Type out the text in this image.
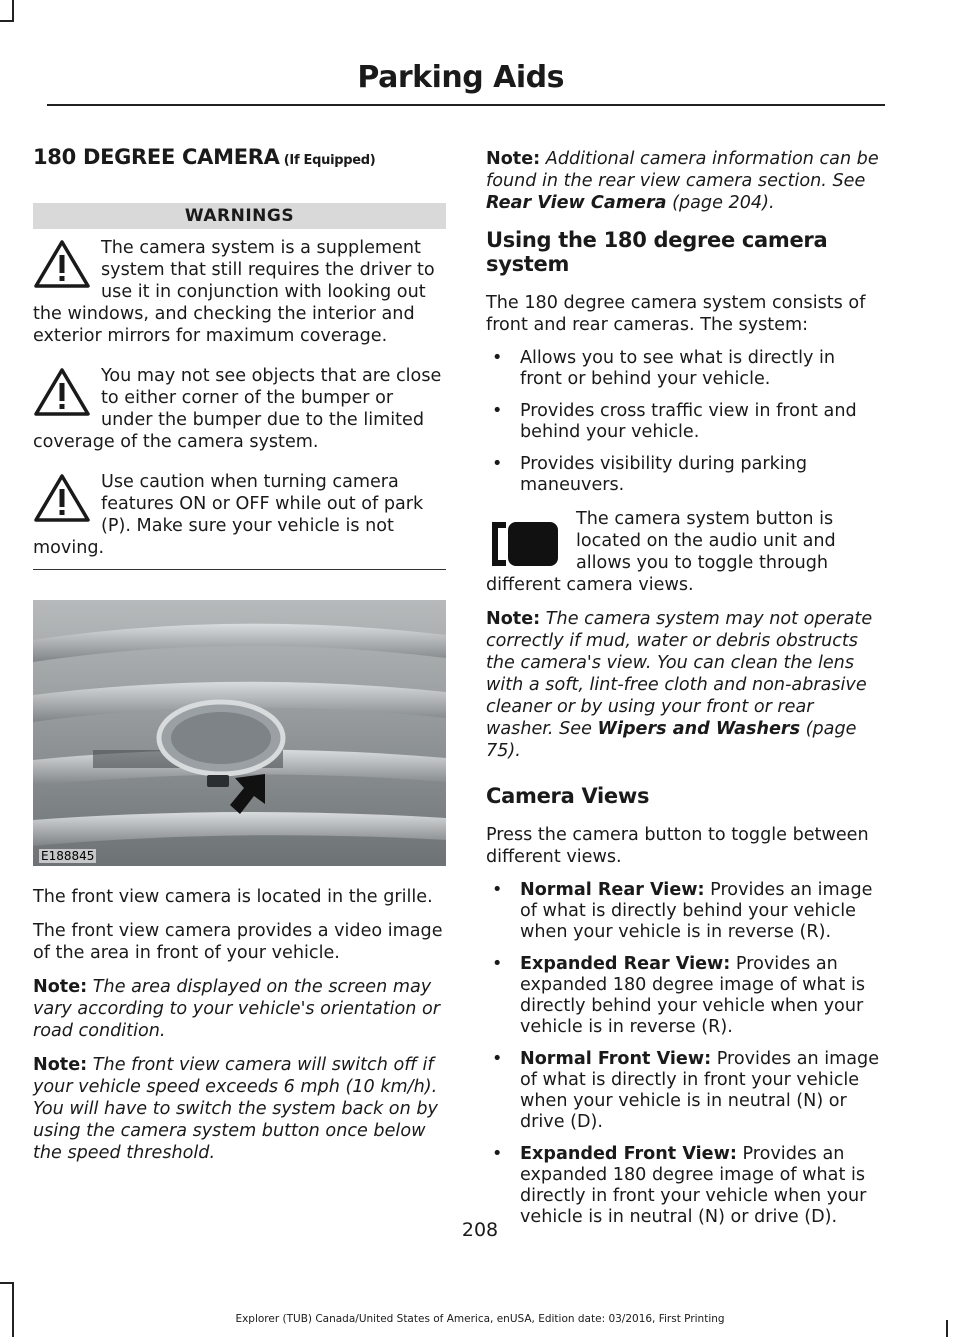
Parking Aids
180 DEGREE CAMERA (If Equipped)
WARNINGS

The camera system is a supplement system that still requires the driver to use it in conjunction with looking out the windows, and checking the interior and exterior mirrors for maximum coverage.

You may not see objects that are close to either corner of the bumper or under the bumper due to the limited coverage of the camera system.

Use caution when turning camera features ON or OFF while out of park (P). Make sure your vehicle is not moving.

E188845

The front view camera is located in the grille.

The front view camera provides a video image of the area in front of your vehicle.

Note: The area displayed on the screen may vary according to your vehicle's orientation or road condition.

Note: The front view camera will switch off if your vehicle speed exceeds 6 mph (10 km/h). You will have to switch the system back on by using the camera system button once below the speed threshold.

Note: Additional camera information can be found in the rear view camera section. See Rear View Camera (page 204).

Using the 180 degree camera system

The 180 degree camera system consists of front and rear cameras. The system:

• Allows you to see what is directly in front or behind your vehicle.
• Provides cross traffic view in front and behind your vehicle.
• Provides visibility during parking maneuvers.

The camera system button is located on the audio unit and allows you to toggle through different camera views.

Note: The camera system may not operate correctly if mud, water or debris obstructs the camera's view. You can clean the lens with a soft, lint-free cloth and non-abrasive cleaner or by using your front or rear washer. See Wipers and Washers (page 75).

Camera Views

Press the camera button to toggle between different views.

• Normal Rear View: Provides an image of what is directly behind your vehicle when your vehicle is in reverse (R).
• Expanded Rear View: Provides an expanded 180 degree image of what is directly behind your vehicle when your vehicle is in reverse (R).
• Normal Front View: Provides an image of what is directly in front your vehicle when your vehicle is in neutral (N) or drive (D).
• Expanded Front View: Provides an expanded 180 degree image of what is directly in front your vehicle when your vehicle is in neutral (N) or drive (D).
208
Explorer (TUB) Canada/United States of America, enUSA, Edition date: 03/2016, First Printing
